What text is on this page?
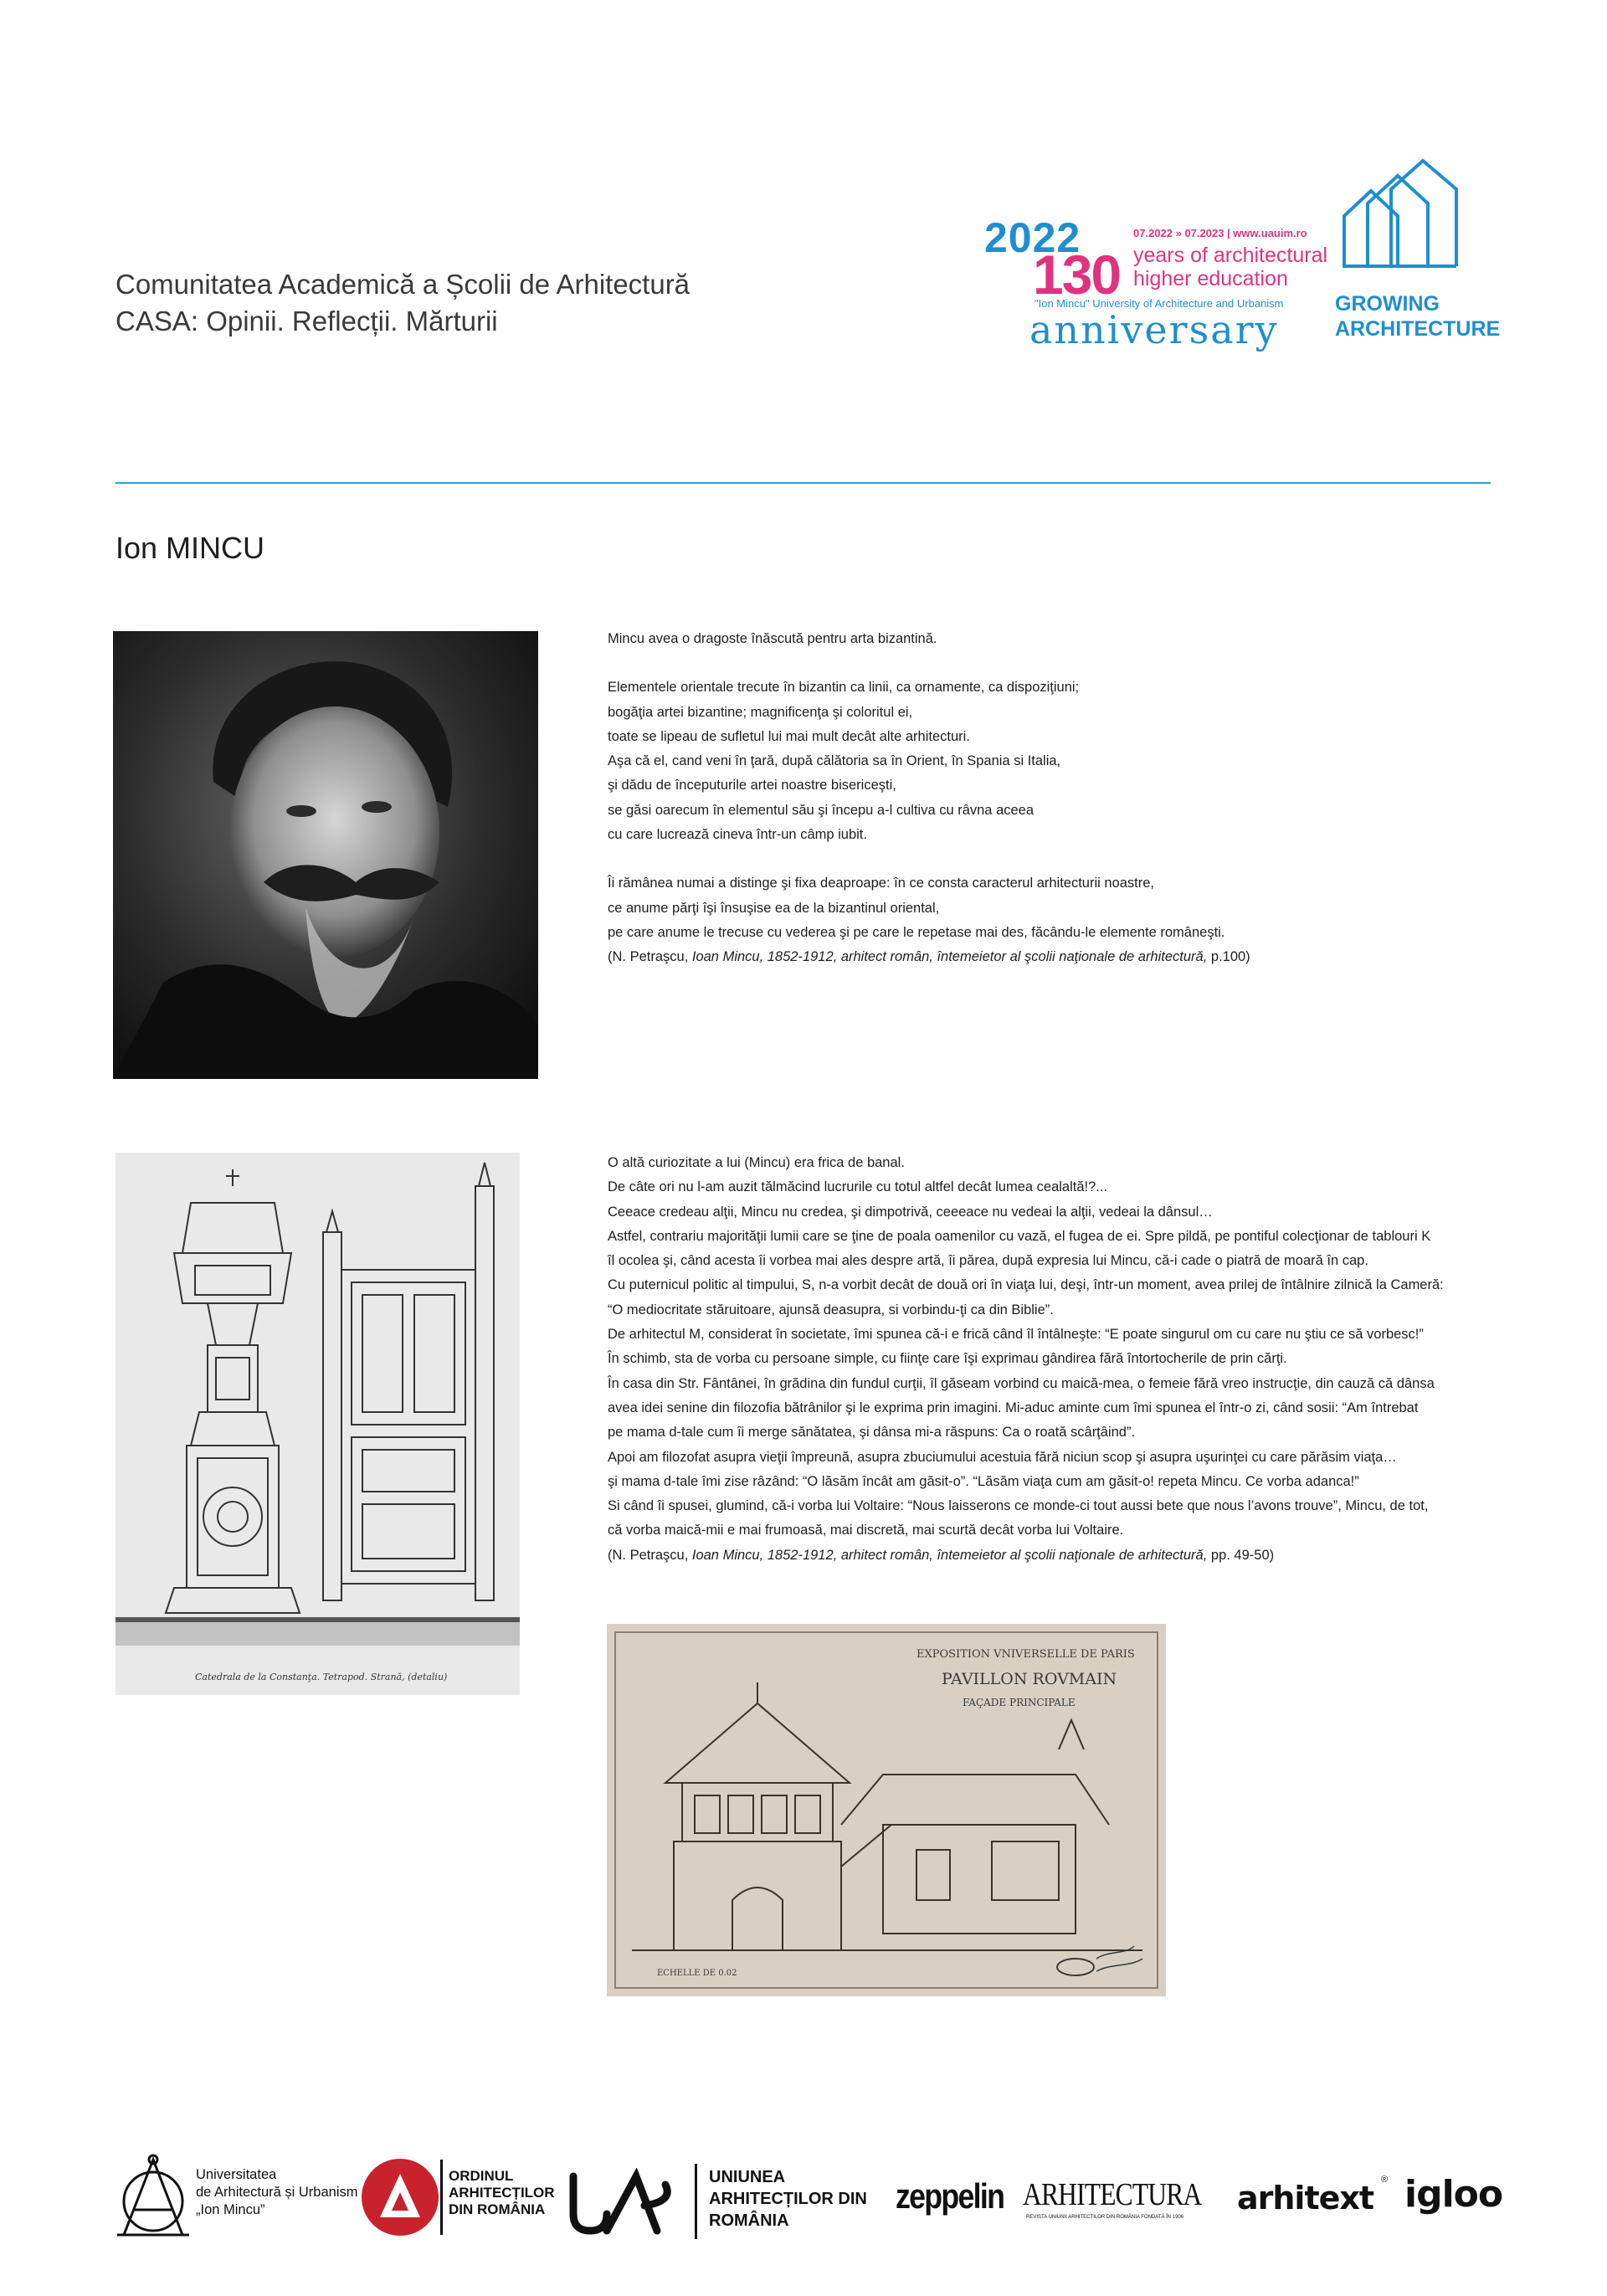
Comunitatea Academică a Școlii de Arhitectură
CASA: Opinii. Reflecții. Mărturii
2022
130
07.2022 » 07.2023 | www.uauim.ro
years of architectural
higher education
"Ion Mincu" University of Architecture and Urbanism
anniversary
GROWING
ARCHITECTURE
Ion MINCU

Mincu avea o dragoste înăscută pentru arta bizantină.

Elementele orientale trecute în bizantin ca linii, ca ornamente, ca dispoziţiuni;

bogăţia artei bizantine; magnificenţa şi coloritul ei,

toate se lipeau de sufletul lui mai mult decât alte arhitecturi.

Aşa că el, cand veni în ţară, după călătoria sa în Orient, în Spania si Italia,

şi dădu de începuturile artei noastre bisericeşti,

se găsi oarecum în elementul său şi începu a-l cultiva cu râvna aceea

cu care lucrează cineva într-un câmp iubit.

Îi rămânea numai a distinge şi fixa deaproape: în ce consta caracterul arhitecturii noastre,

ce anume părţi îşi însuşise ea de la bizantinul oriental,

pe care anume le trecuse cu vederea şi pe care le repetase mai des, făcându-le elemente româneşti.

(N. Petraşcu, Ioan Mincu, 1852-1912, arhitect român, întemeietor al şcolii naţionale de arhitectură, p.100)

Catedrala de la Constanţa. Tetrapod. Strană, (detaliu)

O altă curiozitate a lui (Mincu) era frica de banal.

De câte ori nu l-am auzit tălmăcind lucrurile cu totul altfel decât lumea cealaltă!?...

Ceeace credeau alţii, Mincu nu credea, şi dimpotrivă, ceeeace nu vedeai la alţii, vedeai la dânsul…

Astfel, contrariu majorităţii lumii care se ţine de poala oamenilor cu vază, el fugea de ei. Spre pildă, pe pontiful colecţionar de tablouri K

îl ocolea şi, când acesta îi vorbea mai ales despre artă, îi părea, după expresia lui Mincu, că-i cade o piatră de moară în cap.

Cu puternicul politic al timpului, S, n-a vorbit decât de două ori în viaţa lui, deşi, într-un moment, avea prilej de întâlnire zilnică la Cameră:

“O mediocritate stăruitoare, ajunsă deasupra, si vorbindu-ţi ca din Biblie”.

De arhitectul M, considerat în societate, îmi spunea că-i e frică când îl întâlneşte: “E poate singurul om cu care nu ştiu ce să vorbesc!”

În schimb, sta de vorba cu persoane simple, cu fiinţe care îşi exprimau gândirea fără întortocherile de prin cărţi.

În casa din Str. Fântânei, în grădina din fundul curţii, îl găseam vorbind cu maică-mea, o femeie fără vreo instrucţie, din cauză că dânsa

avea idei senine din filozofia bătrânilor şi le exprima prin imagini. Mi-aduc aminte cum îmi spunea el într-o zi, când sosii: “Am întrebat

pe mama d-tale cum îi merge sănătatea, şi dânsa mi-a răspuns: Ca o roată scârţâind”.

Apoi am filozofat asupra vieţii împreună, asupra zbuciumului acestuia fără niciun scop şi asupra uşurinţei cu care părăsim viaţa…

şi mama d-tale îmi zise râzând: “O lăsăm încât am găsit-o”. “Lăsăm viaţa cum am găsit-o! repeta Mincu. Ce vorba adanca!”

Si când îi spusei, glumind, că-i vorba lui Voltaire: “Nous laisserons ce monde-ci tout aussi bete que nous l’avons trouve”, Mincu, de tot,

că vorba maică-mii e mai frumoasă, mai discretă, mai scurtă decât vorba lui Voltaire.

(N. Petraşcu, Ioan Mincu, 1852-1912, arhitect român, întemeietor al şcolii naţionale de arhitectură, pp. 49-50)

EXPOSITION VNIVERSELLE DE PARIS
PAVILLON ROVMAIN
FAÇADE PRINCIPALE
ECHELLE DE 0.02
Universitatea
de Arhitectură și Urbanism
„Ion Mincu”
ORDINUL
ARHITECȚILOR
DIN ROMÂNIA
UNIUNEA
ARHITECȚILOR DIN
ROMÂNIA
zeppelin ARHITECTURA
REVISTA UNIUNII ARHITECȚILOR DIN ROMÂNIA FONDATĂ ÎN 1906
arhitext ® igloo
